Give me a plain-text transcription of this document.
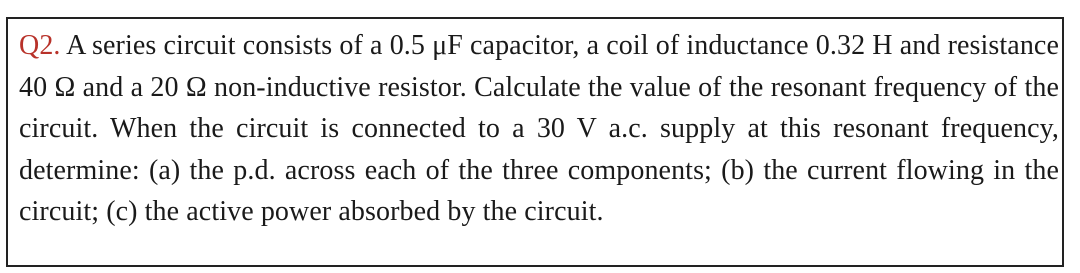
Q2. A series circuit consists of a 0.5 μF capacitor, a coil of inductance 0.32 H and resistance 40 Ω and a 20 Ω non-inductive resistor. Calculate the value of the resonant frequency of the circuit. When the circuit is connected to a 30 V a.c. supply at this resonant frequency, determine: (a) the p.d. across each of the three components; (b) the current flowing in the circuit; (c) the active power absorbed by the circuit.
